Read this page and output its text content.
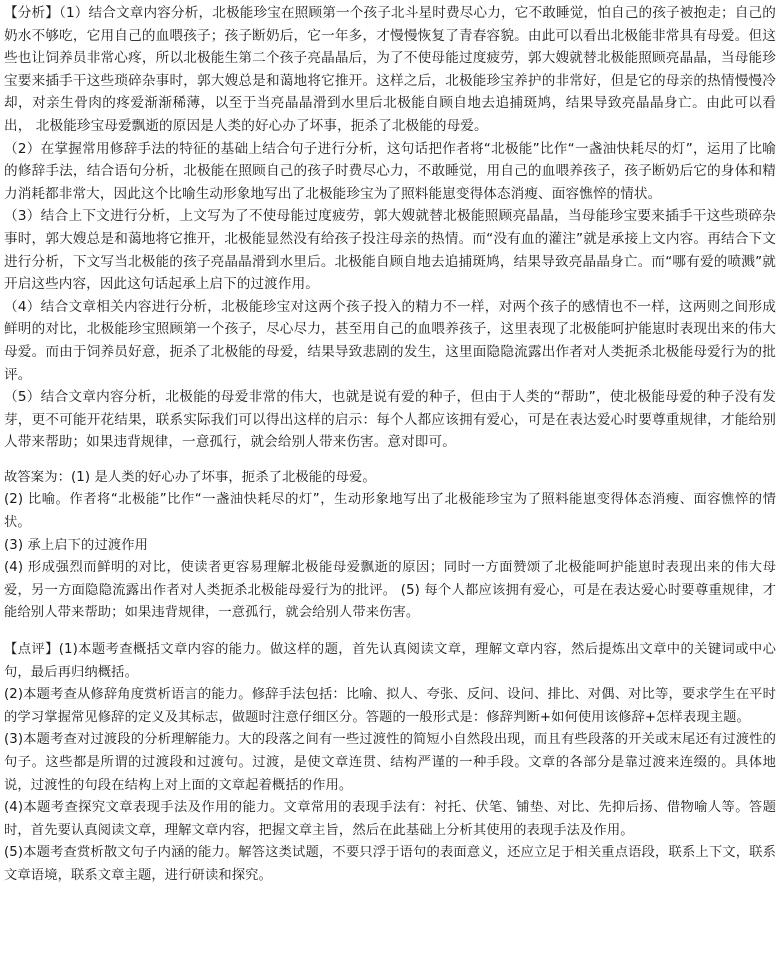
【分析】（1）结合文章内容分析，北极能珍宝在照顾第一个孩子北斗星时费尽心力，它不敢睡觉，怕自己的孩子被抱走；自己的奶水不够吃，它用自己的血喂孩子；孩子断奶后，它一年多，才慢慢恢复了青春容貌。由此可以看出北极能非常具有母爱。但这些也让饲养员非常心疼，所以北极能生第二个孩子亮晶晶后，为了不使母能过度疲劳，郭大嫂就替北极能照顾亮晶晶，当母能珍宝要来插手干这些琐碎杂事时，郭大嫂总是和蔼地将它推开。这样之后，北极能珍宝养护的非常好，但是它的母亲的热情慢慢冷却，对亲生骨肉的疼爱渐渐稀薄，以至于当亮晶晶滑到水里后北极能自顾自地去追捕斑鸠，结果导致亮晶晶身亡。由此可以看出， 北极能珍宝母爱飘逝的原因是人类的好心办了坏事，扼杀了北极能的母爱。

（2）在掌握常用修辞手法的特征的基础上结合句子进行分析，这句话把作者将“北极能”比作“一盏油快耗尽的灯”，运用了比喻的修辞手法，结合语句分析，北极能在照顾自己的孩子时费尽心力，不敢睡觉，用自己的血喂养孩子，孩子断奶后它的身体和精力消耗都非常大，因此这个比喻生动形象地写出了北极能珍宝为了照料能崽变得体态消瘦、面容憔悴的情状。

（3）结合上下文进行分析，上文写为了不使母能过度疲劳，郭大嫂就替北极能照顾亮晶晶，当母能珍宝要来插手干这些琐碎杂事时，郭大嫂总是和蔼地将它推开，北极能显然没有给孩子投注母亲的热情。而“没有血的灌注”就是承接上文内容。再结合下文进行分析，下文写当北极能的孩子亮晶晶滑到水里后。北极能自顾自地去追捕斑鸠，结果导致亮晶晶身亡。而“哪有爱的喷溅”就开启这些内容，因此这句话起承上启下的过渡作用。

（4）结合文章相关内容进行分析，北极能珍宝对这两个孩子投入的精力不一样，对两个孩子的感情也不一样，这两则之间形成鲜明的对比，北极能珍宝照顾第一个孩子，尽心尽力，甚至用自己的血喂养孩子，这里表现了北极能呵护能崽时表现出来的伟大母爱。而由于饲养员好意，扼杀了北极能的母爱，结果导致悲剧的发生，这里面隐隐流露出作者对人类扼杀北极能母爱行为的批评。

（5）结合文章内容分析，北极能的母爱非常的伟大，也就是说有爱的种子，但由于人类的“帮助”，使北极能母爱的种子没有发芽，更不可能开花结果，联系实际我们可以得出这样的启示：每个人都应该拥有爱心，可是在表达爱心时要尊重规律，才能给别人带来帮助；如果违背规律，一意孤行，就会给别人带来伤害。意对即可。

故答案为：(1) 是人类的好心办了坏事，扼杀了北极能的母爱。

(2) 比喻。作者将“北极能”比作“一盏油快耗尽的灯”，生动形象地写出了北极能珍宝为了照料能崽变得体态消瘦、面容憔悴的情状。

(3) 承上启下的过渡作用

(4) 形成强烈而鲜明的对比，使读者更容易理解北极能母爱飘逝的原因；同时一方面赞颂了北极能呵护能崽时表现出来的伟大母爱，另一方面隐隐流露出作者对人类扼杀北极能母爱行为的批评。 (5) 每个人都应该拥有爱心，可是在表达爱心时要尊重规律，才能给别人带来帮助；如果违背规律，一意孤行，就会给别人带来伤害。

【点评】(1)本题考查概括文章内容的能力。做这样的题，首先认真阅读文章，理解文章内容，然后提炼出文章中的关键词或中心句，最后再归纳概括。

(2)本题考查从修辞角度赏析语言的能力。修辞手法包括：比喻、拟人、夸张、反问、设问、排比、对偶、对比等，要求学生在平时的学习掌握常见修辞的定义及其标志，做题时注意仔细区分。答题的一般形式是：修辞判断+如何使用该修辞+怎样表现主题。

(3)本题考查对过渡段的分析理解能力。大的段落之间有一些过渡性的简短小自然段出现，而且有些段落的开关或末尾还有过渡性的句子。这些都是所谓的过渡段和过渡句。过渡，是使文章连贯、结构严谨的一种手段。文章的各部分是靠过渡来连缀的。具体地说，过渡性的句段在结构上对上面的文章起着概括的作用。

(4)本题考查探究文章表现手法及作用的能力。文章常用的表现手法有：衬托、伏笔、铺垫、对比、先抑后扬、借物喻人等。答题时，首先要认真阅读文章，理解文章内容，把握文章主旨，然后在此基础上分析其使用的表现手法及作用。

(5)本题考查赏析散文句子内涵的能力。解答这类试题，不要只浮于语句的表面意义，还应立足于相关重点语段，联系上下文，联系文章语境，联系文章主题，进行研读和探究。
